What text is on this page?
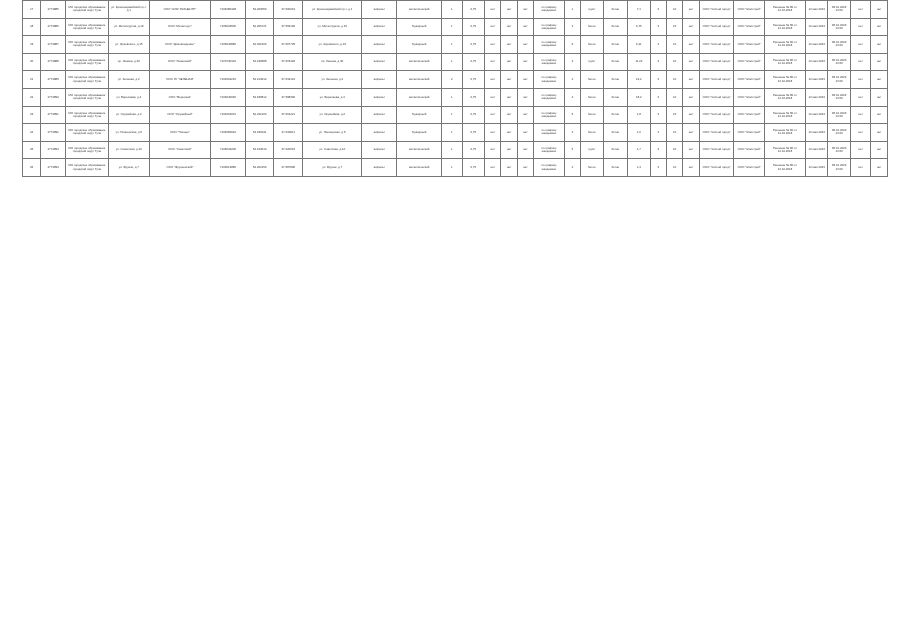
17	4774885	МО городское образование городской округ Тула	ул. Красноармейский пр-т, д.1	ООО "ЖЭУ-ТЕХЦЕНТР"	7104080428	54.203050	37.600210	ул. Красноармейский пр-т, д.1	асфальт	металлический	1	0,75	нет	нет	нет	по графику ежедневно	1	грунт	бетон	7,1	3	10	нет	ООО "Чистый город"	ООО "Жилстрой"	Решение № 80 от 12.10.2018	12 мая 2023	05.10.2023 13:00	нет	нет
18	4774886	МО городское образование городской округ Тула	ул. Металлургов, д.19	ООО "Металлург"	7106034500	54.206721	37.593100	ул. Металлургов, д.19	асфальт	бункерный	1	0,75	нет	нет	нет	по графику ежедневно	4	бетон	бетон	6,75	3	10	нет	ООО "Чистый город"	ООО "Жилстрой"	Решение № 80 от 12.10.2018	12 мая 2023	05.10.2023 13:00	нет	нет
19	4774887	МО городское образование городской округ Тула	ул. Жуковского, д.15	ООО "Домовладение"	7105040880	54.201600	37.607735	ул. Жуковского, д.15	асфальт	бункерный	1	0,75	нет	нет	нет	по графику ежедневно	6	бетон	бетон	6,21	3	10	нет	ООО "Чистый город"	ООО "Жилстрой"	Решение № 80 от 12.10.2018	12 мая 2023	05.10.2023 13:00	нет	нет
20	4774888	МО городское образование городской округ Тула	пр. Ленина, д.40	ООО "Ленинский"	7107040410	54.190588	37.615426	пр. Ленина, д.40	асфальт	металлический	1	0,75	нет	нет	нет	по графику ежедневно	3	грунт	бетон	11,22	3	10	нет	ООО "Чистый город"	ООО "Жилстрой"	Решение № 80 от 12.10.2018	12 мая 2023	05.10.2023 13:00	нет	нет
21	4774889	МО городское образование городской округ Тула	ул. Зеленая, д.2	ООО УК "ЗЕЛЕНАЯ"	7104062210	54.214612	37.632101	ул. Зеленая, д.2	асфальт	металлический	2	0,75	нет	нет	нет	по графику ежедневно	4	бетон	бетон	19,2	3	10	нет	ООО "Чистый город"	ООО "Жилстрой"	Решение № 80 от 12.10.2018	12 мая 2023	05.10.2023 13:00	нет	нет
22	4774890	МО городское образование городской округ Тула	ул. Вересаева, д.4	ООО "Вересаев"	7106040030	54.180812	37.598300	ул. Вересаева, д.4	асфальт	металлический	1	0,75	нет	нет	нет	по графику ежедневно	4	бетон	бетон	18,2	3	10	нет	ООО "Чистый город"	ООО "Жилстрой"	Решение № 80 от 12.10.2018	12 мая 2023	05.10.2023 13:00	нет	нет
23	4774891	МО городское образование городской округ Тула	ул. Оружейная, д.2	ООО "Оружейный"	7104062001	54.222100	37.601221	ул. Оружейная, д.2	асфальт	бункерный	1	0,75	нет	нет	нет	по графику ежедневно	5	бетон	бетон	1,8	3	10	нет	ООО "Чистый город"	ООО "Жилстрой"	Решение № 80 от 12.10.2018	12 мая 2023	05.10.2023 13:00	нет	нет
24	4774892	МО городское образование городской округ Тула	ул. Пионерская, д.5	ООО "Пионер"	7104050910	54.189011	37.640011	ул. Пионерская, д.5	асфальт	бункерный	1	0,75	нет	нет	нет	по графику ежедневно	4	бетон	бетон	1,6	3	10	нет	ООО "Чистый город"	ООО "Жилстрой"	Решение № 80 от 12.10.2018	12 мая 2023	05.10.2023 13:00	нет	нет
25	4774893	МО городское образование городской округ Тула	ул. Советская, д.10	ООО "Советский"	7106042200	54.194010	37.620016	ул. Советская, д.10	асфальт	металлический	1	0,75	нет	нет	нет	по графику ежедневно	5	грунт	бетон	1,7	3	10	нет	ООО "Чистый город"	ООО "Жилстрой"	Решение № 80 от 12.10.2018	12 мая 2023	05.10.2023 13:00	нет	нет
26	4774894	МО городское образование городской округ Тула	ул. Фрунзе, д.7	ООО "Фрунзенский"	7106012880	54.203150	37.587890	ул. Фрунзе, д.7	асфальт	металлический	1	0,75	нет	нет	нет	по графику ежедневно	4	бетон	бетон	1,3	3	10	нет	ООО "Чистый город"	ООО "Жилстрой"	Решение № 80 от 12.10.2018	12 мая 2023	05.10.2023 13:00	нет	нет
